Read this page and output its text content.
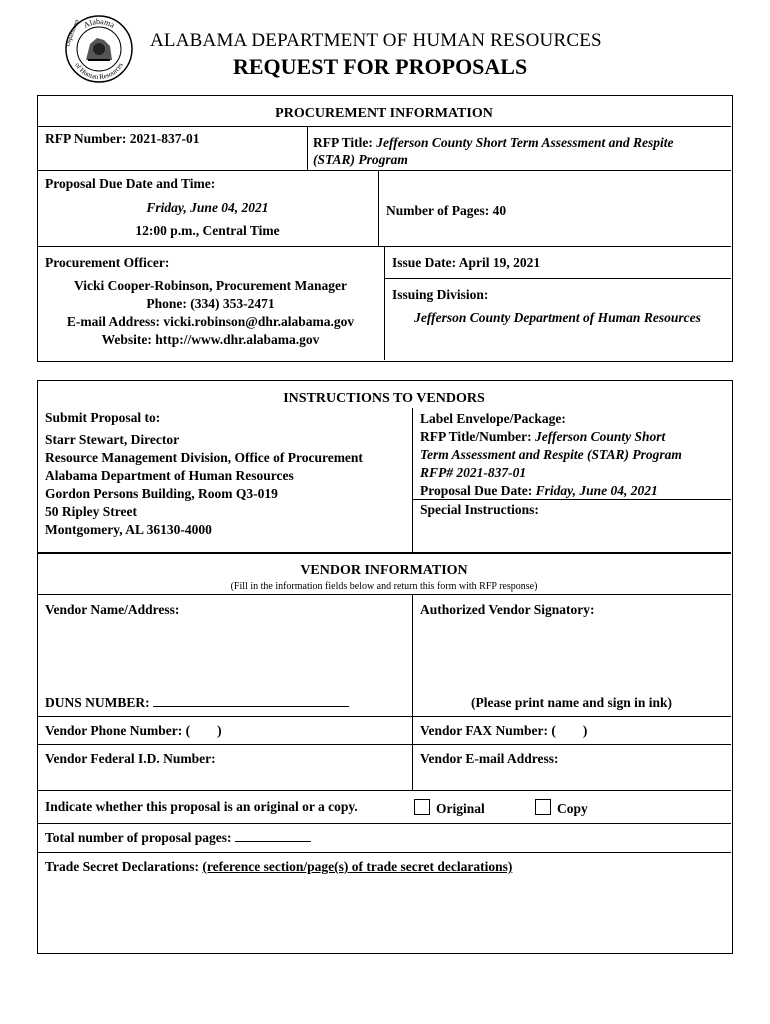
Alabama
of Human Resources
Department	ALABAMA DEPARTMENT OF HUMAN RESOURCES
REQUEST FOR PROPOSALS
PROCUREMENT INFORMATION
RFP Number: 2021-837-01	RFP Title: Jefferson County Short Term Assessment and Respite
(STAR) Program
Proposal Due Date and Time:
Friday, June 04, 2021
12:00 p.m., Central Time
Number of Pages: 40
Procurement Officer:
Vicki Cooper-Robinson, Procurement Manager
Phone: (334) 353-2471
E-mail Address: vicki.robinson@dhr.alabama.gov
Website: http://www.dhr.alabama.gov
Issue Date: April 19, 2021
Issuing Division:
Jefferson County Department of Human Resources
INSTRUCTIONS TO VENDORS
Submit Proposal to:
Starr Stewart, Director
Resource Management Division, Office of Procurement
Alabama Department of Human Resources
Gordon Persons Building, Room Q3-019
50 Ripley Street
Montgomery, AL 36130-4000
Label Envelope/Package:
RFP Title/Number: Jefferson County Short
Term Assessment and Respite (STAR) Program
RFP# 2021-837-01
Proposal Due Date: Friday, June 04, 2021
Special Instructions:
VENDOR INFORMATION
(Fill in the information fields below and return this form with RFP response)
Vendor Name/Address:	Authorized Vendor Signatory:
DUNS NUMBER:	(Please print name and sign in ink)
Vendor Phone Number: (        )	Vendor FAX Number: (        )
Vendor Federal I.D. Number:	Vendor E-mail Address:
Indicate whether this proposal is an original or a copy.	Original	Copy
Total number of proposal pages:
Trade Secret Declarations: (reference section/page(s) of trade secret declarations)
